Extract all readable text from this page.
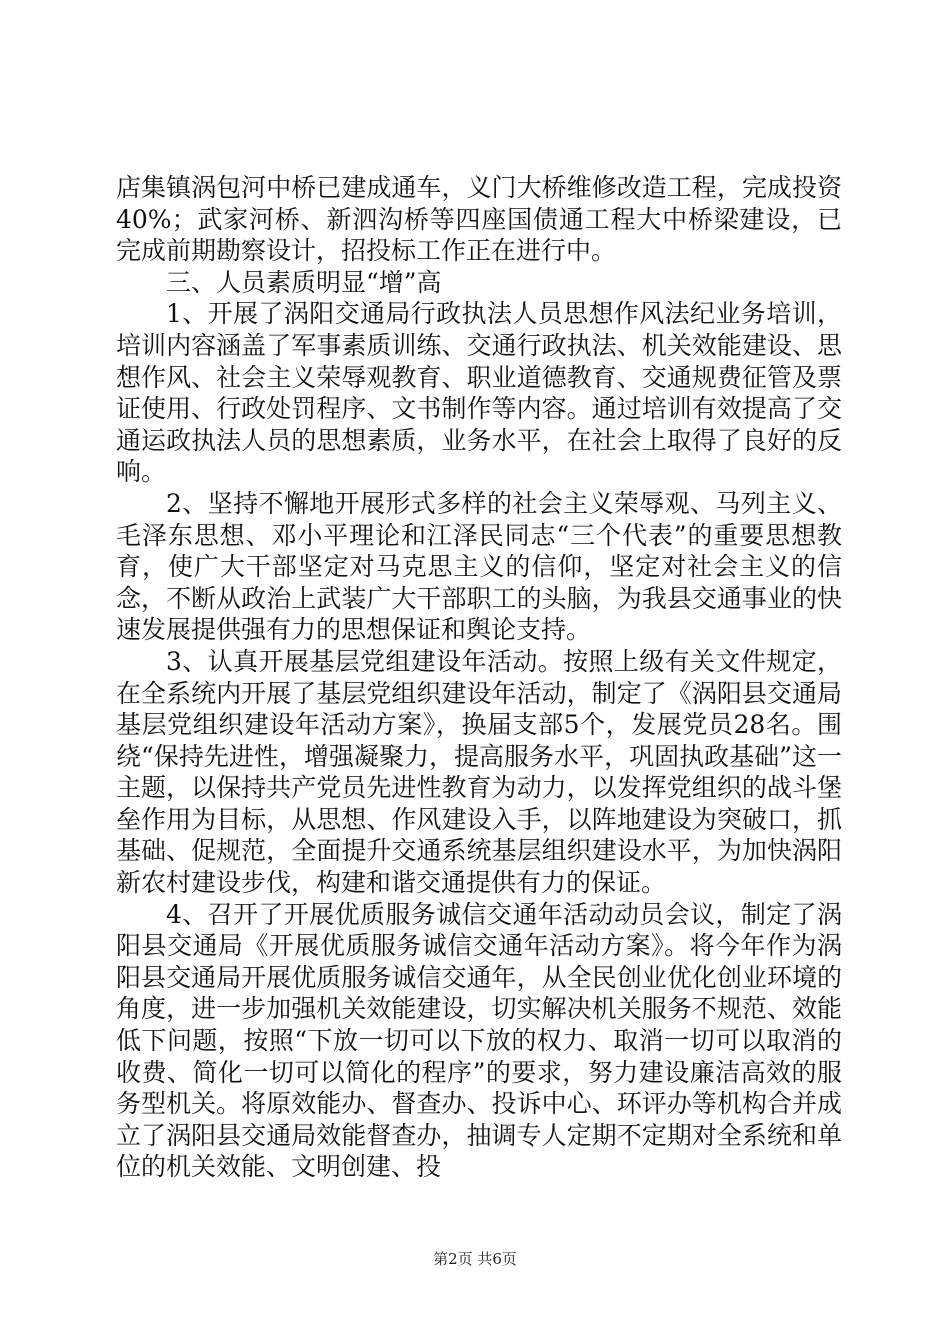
店集镇涡包河中桥已建成通车，义门大桥维修改造工程，完成投资40%；武家河桥、新泗沟桥等四座国债通工程大中桥梁建设，已完成前期勘察设计，招投标工作正在进行中。

三、人员素质明显“增”高

1、开展了涡阳交通局行政执法人员思想作风法纪业务培训，培训内容涵盖了军事素质训练、交通行政执法、机关效能建设、思想作风、社会主义荣辱观教育、职业道德教育、交通规费征管及票证使用、行政处罚程序、文书制作等内容。通过培训有效提高了交通运政执法人员的思想素质，业务水平，在社会上取得了良好的反响。

2、坚持不懈地开展形式多样的社会主义荣辱观、马列主义、毛泽东思想、邓小平理论和江泽民同志“三个代表”的重要思想教育，使广大干部坚定对马克思主义的信仰，坚定对社会主义的信念，不断从政治上武装广大干部职工的头脑，为我县交通事业的快速发展提供强有力的思想保证和舆论支持。

3、认真开展基层党组建设年活动。按照上级有关文件规定，在全系统内开展了基层党组织建设年活动，制定了《涡阳县交通局基层党组织建设年活动方案》，换届支部5个，发展党员28名。围绕“保持先进性，增强凝聚力，提高服务水平，巩固执政基础”这一主题，以保持共产党员先进性教育为动力，以发挥党组织的战斗堡垒作用为目标，从思想、作风建设入手，以阵地建设为突破口，抓基础、促规范，全面提升交通系统基层组织建设水平，为加快涡阳新农村建设步伐，构建和谐交通提供有力的保证。

4、召开了开展优质服务诚信交通年活动动员会议，制定了涡阳县交通局《开展优质服务诚信交通年活动方案》。将今年作为涡阳县交通局开展优质服务诚信交通年，从全民创业优化创业环境的角度，进一步加强机关效能建设，切实解决机关服务不规范、效能低下问题，按照“下放一切可以下放的权力、取消一切可以取消的收费、简化一切可以简化的程序”的要求，努力建设廉洁高效的服务型机关。将原效能办、督查办、投诉中心、环评办等机构合并成立了涡阳县交通局效能督查办，抽调专人定期不定期对全系统和单位的机关效能、文明创建、投

第2页 共6页
